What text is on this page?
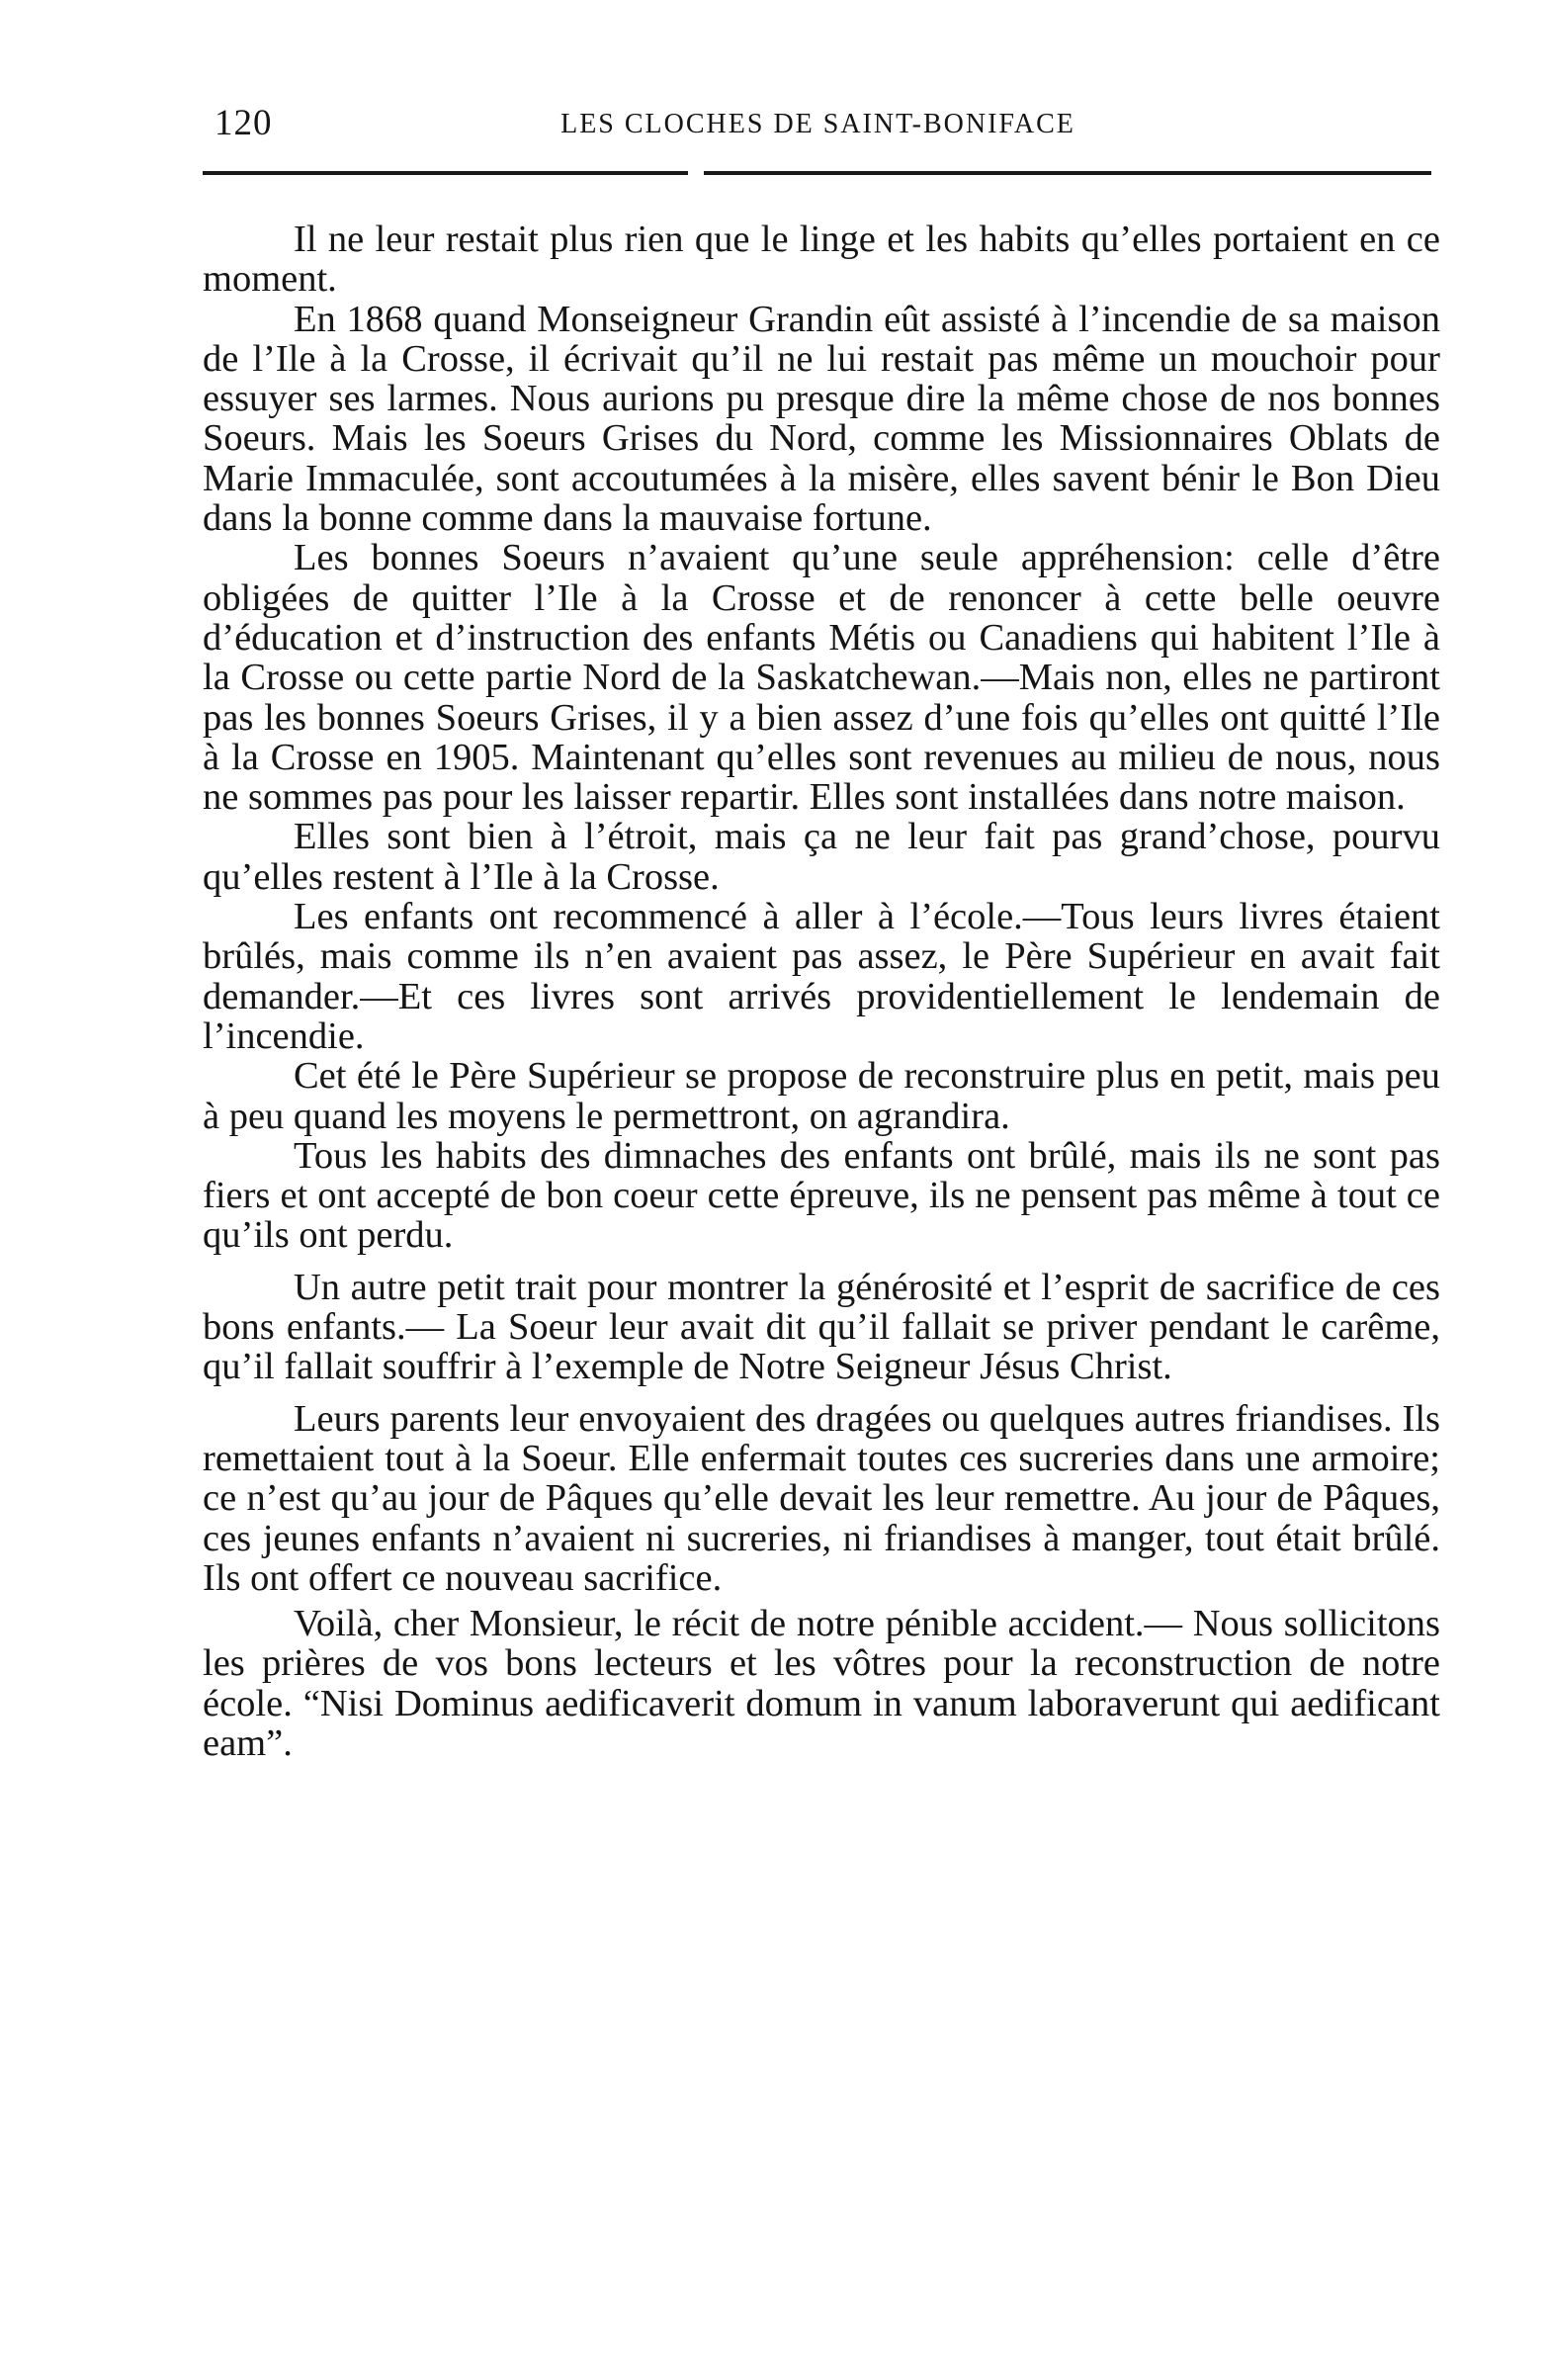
120	LES CLOCHES DE SAINT-BONIFACE

Il ne leur restait plus rien que le linge et les habits qu’elles portaient en ce moment.

En 1868 quand Monseigneur Grandin eût assisté à l’incendie de sa maison de l’Ile à la Crosse, il écrivait qu’il ne lui restait pas même un mouchoir pour essuyer ses larmes. Nous aurions pu presque dire la même chose de nos bonnes Soeurs. Mais les Soeurs Grises du Nord, comme les Missionnaires Oblats de Marie Immaculée, sont accoutumées à la misère, elles savent bénir le Bon Dieu dans la bonne comme dans la mauvaise fortune.

Les bonnes Soeurs n’avaient qu’une seule appréhension: celle d’être obligées de quitter l’Ile à la Crosse et de renoncer à cette belle oeuvre d’éducation et d’instruction des enfants Métis ou Canadiens qui habitent l’Ile à la Crosse ou cette partie Nord de la Saskatchewan.—Mais non, elles ne partiront pas les bonnes Soeurs Grises, il y a bien assez d’une fois qu’elles ont quitté l’Ile à la Crosse en 1905. Maintenant qu’elles sont revenues au milieu de nous, nous ne sommes pas pour les laisser repartir. Elles sont installées dans notre maison.

Elles sont bien à l’étroit, mais ça ne leur fait pas grand’chose, pourvu qu’elles restent à l’Ile à la Crosse.

Les enfants ont recommencé à aller à l’école.—Tous leurs livres étaient brûlés, mais comme ils n’en avaient pas assez, le Père Supérieur en avait fait demander.—Et ces livres sont arrivés providentiellement le lendemain de l’incendie.

Cet été le Père Supérieur se propose de reconstruire plus en petit, mais peu à peu quand les moyens le permettront, on agrandira.

Tous les habits des dimnaches des enfants ont brûlé, mais ils ne sont pas fiers et ont accepté de bon coeur cette épreuve, ils ne pensent pas même à tout ce qu’ils ont perdu.

Un autre petit trait pour montrer la générosité et l’esprit de sacrifice de ces bons enfants.— La Soeur leur avait dit qu’il fallait se priver pendant le carême, qu’il fallait souffrir à l’exemple de Notre Seigneur Jésus Christ.

Leurs parents leur envoyaient des dragées ou quelques autres friandises. Ils remettaient tout à la Soeur. Elle enfermait toutes ces sucreries dans une armoire; ce n’est qu’au jour de Pâques qu’elle devait les leur remettre. Au jour de Pâques, ces jeunes enfants n’avaient ni sucreries, ni friandises à manger, tout était brûlé. Ils ont offert ce nouveau sacrifice.

Voilà, cher Monsieur, le récit de notre pénible accident.— Nous sollicitons les prières de vos bons lecteurs et les vôtres pour la reconstruction de notre école. “Nisi Dominus aedificaverit domum in vanum laboraverunt qui aedificant eam”.
